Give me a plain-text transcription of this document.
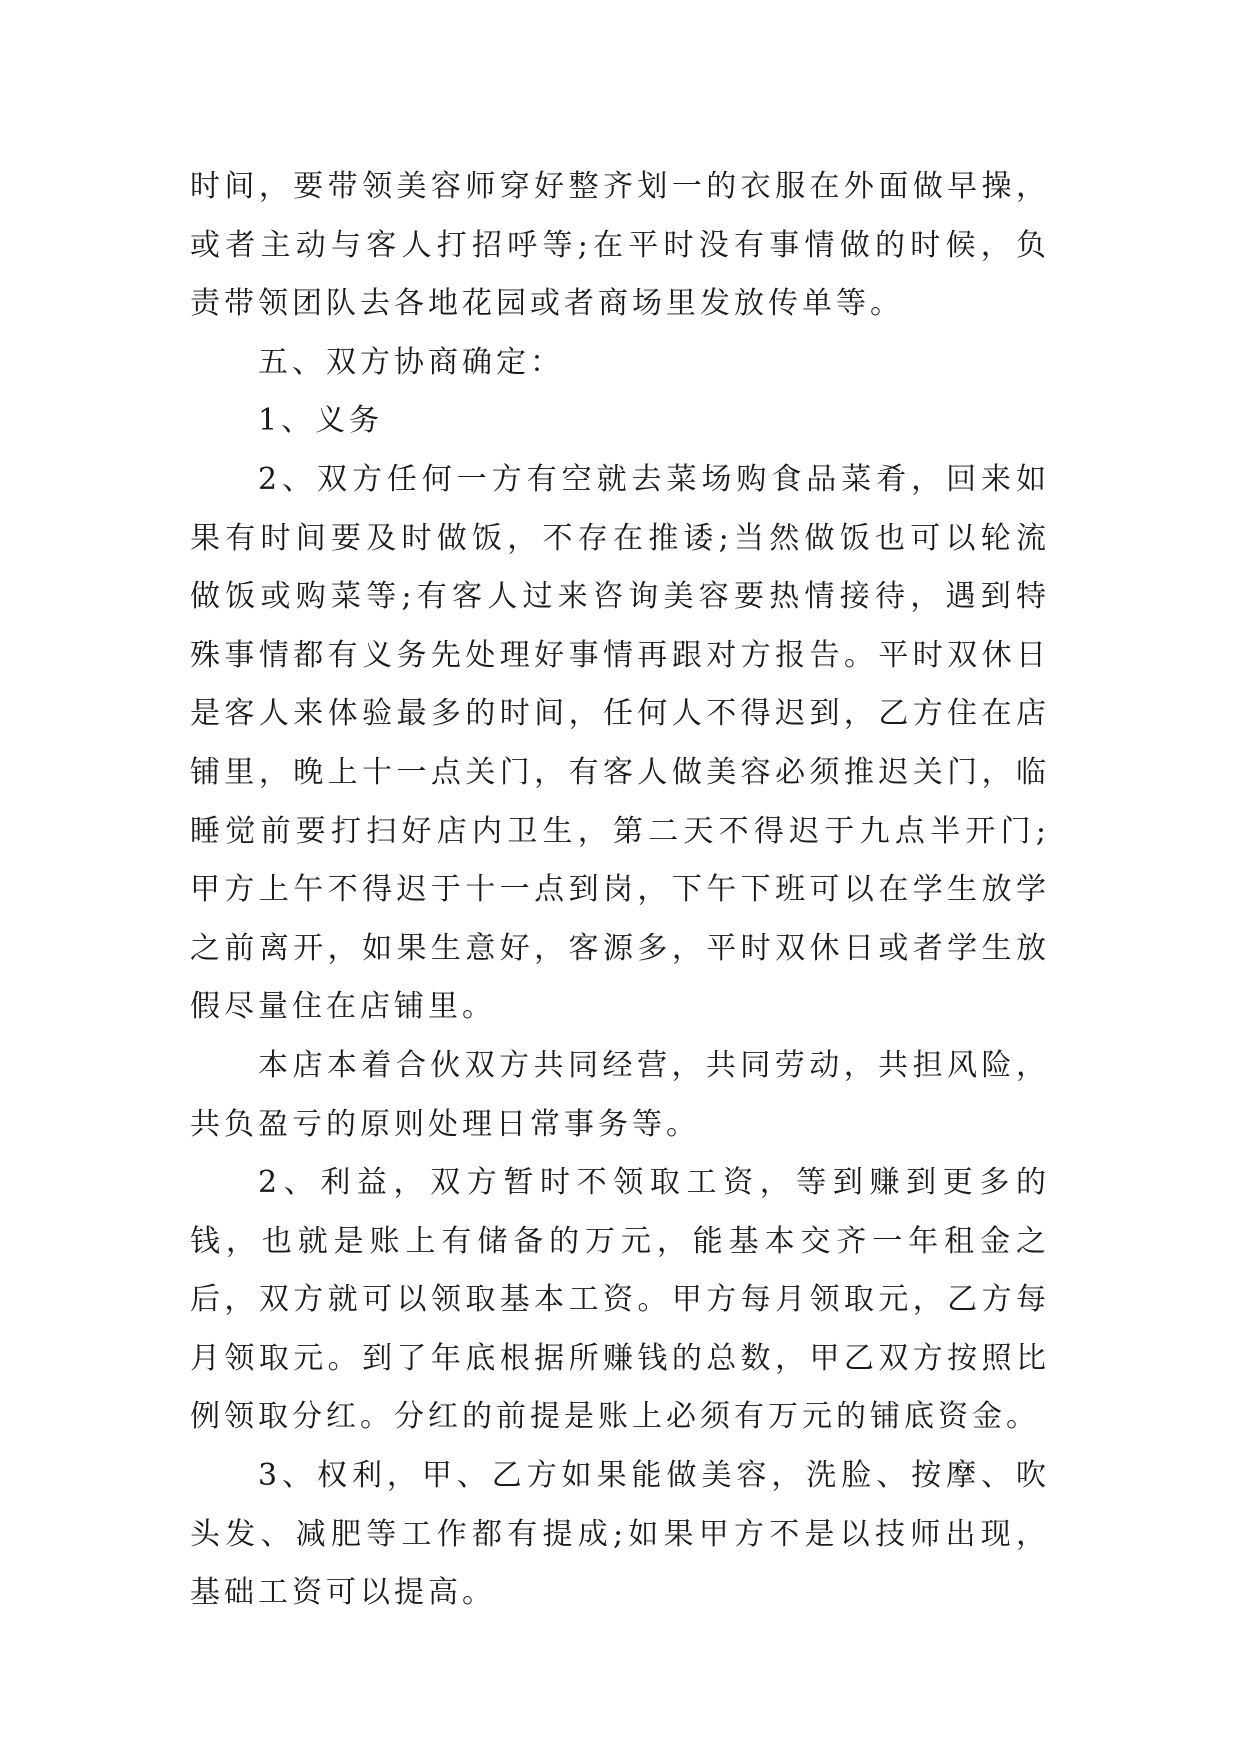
时间，要带领美容师穿好整齐划一的衣服在外面做早操，或者主动与客人打招呼等;在平时没有事情做的时候，负责带领团队去各地花园或者商场里发放传单等。

五、双方协商确定：

1、义务

2、双方任何一方有空就去菜场购食品菜肴，回来如果有时间要及时做饭，不存在推诿;当然做饭也可以轮流做饭或购菜等;有客人过来咨询美容要热情接待，遇到特殊事情都有义务先处理好事情再跟对方报告。平时双休日是客人来体验最多的时间，任何人不得迟到，乙方住在店铺里，晚上十一点关门，有客人做美容必须推迟关门，临睡觉前要打扫好店内卫生，第二天不得迟于九点半开门;甲方上午不得迟于十一点到岗，下午下班可以在学生放学之前离开，如果生意好，客源多，平时双休日或者学生放假尽量住在店铺里。

本店本着合伙双方共同经营，共同劳动，共担风险，共负盈亏的原则处理日常事务等。

2、利益，双方暂时不领取工资，等到赚到更多的钱，也就是账上有储备的万元，能基本交齐一年租金之后，双方就可以领取基本工资。甲方每月领取元，乙方每月领取元。到了年底根据所赚钱的总数，甲乙双方按照比例领取分红。分红的前提是账上必须有万元的铺底资金。

3、权利，甲、乙方如果能做美容，洗脸、按摩、吹头发、减肥等工作都有提成;如果甲方不是以技师出现，基础工资可以提高。
